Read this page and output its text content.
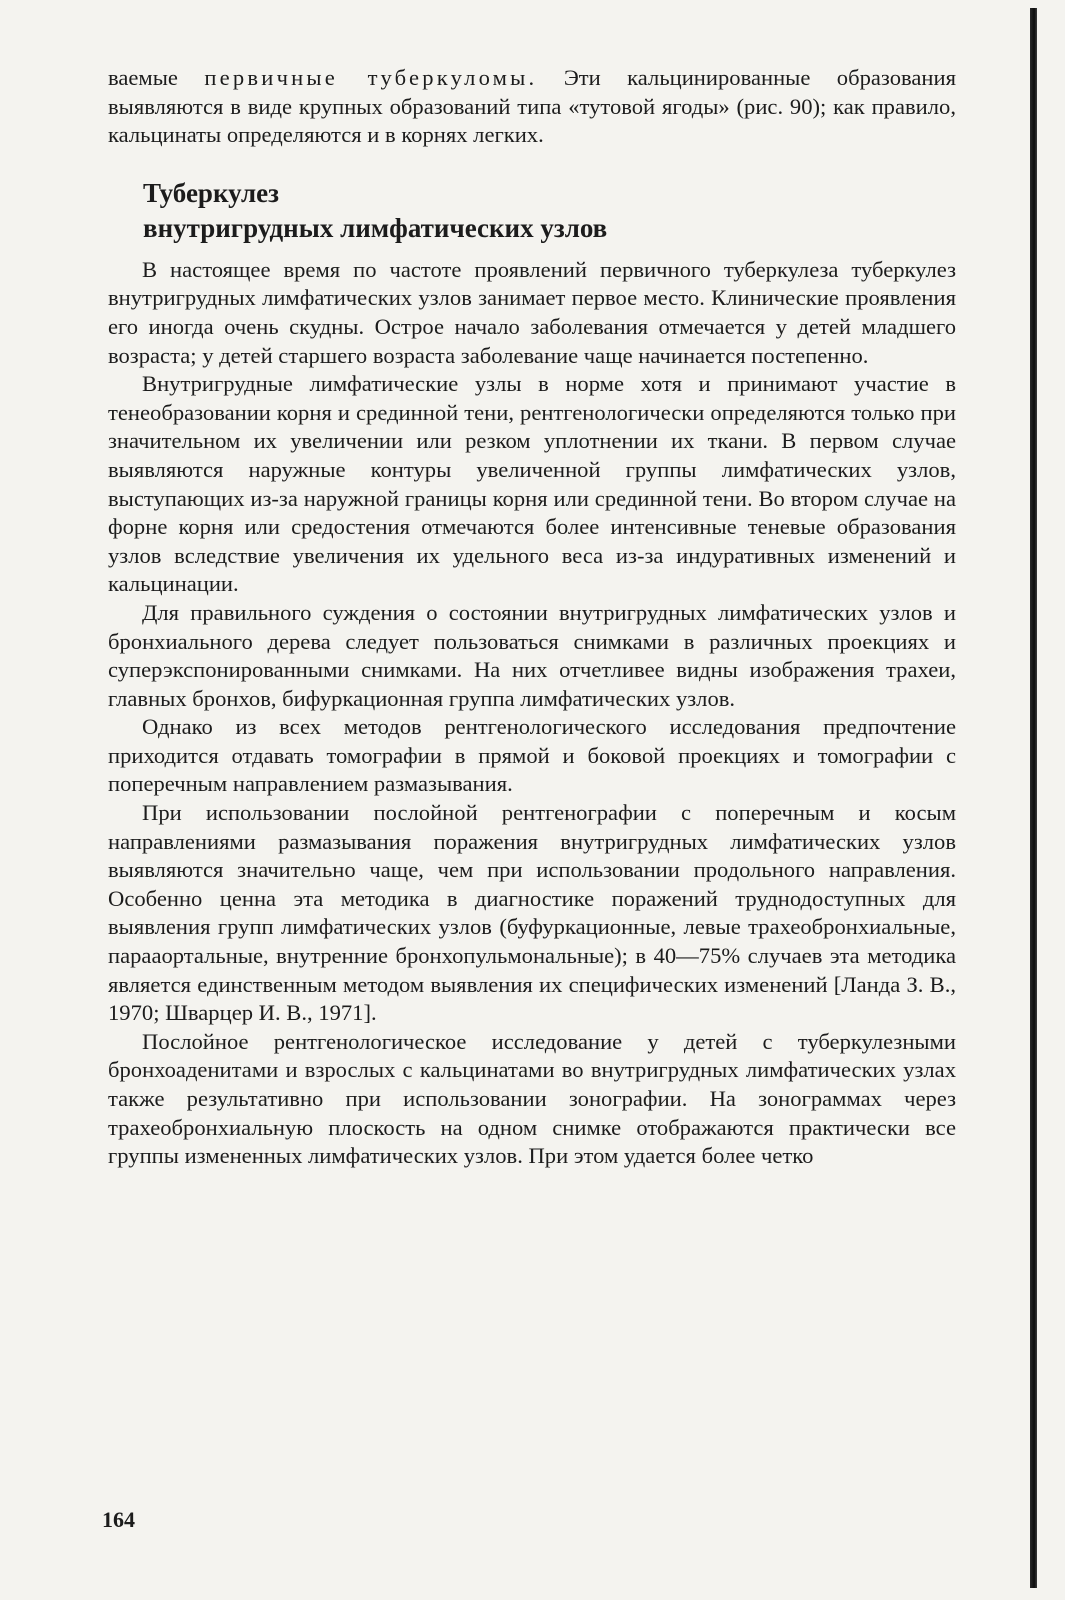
ваемые первичные туберкуломы. Эти кальцинированные образования выявляются в виде крупных образований типа «тутовой ягоды» (рис. 90); как правило, кальцинаты определяются и в корнях легких.

Туберкулез
внутригрудных лимфатических узлов

В настоящее время по частоте проявлений первичного туберкулеза туберкулез внутригрудных лимфатических узлов занимает первое место. Клинические проявления его иногда очень скудны. Острое начало заболевания отмечается у детей младшего возраста; у детей старшего возраста заболевание чаще начинается постепенно.

Внутригрудные лимфатические узлы в норме хотя и принимают участие в тенеобразовании корня и срединной тени, рентгенологически определяются только при значительном их увеличении или резком уплотнении их ткани. В первом случае выявляются наружные контуры увеличенной группы лимфатических узлов, выступающих из-за наружной границы корня или срединной тени. Во втором случае на форне корня или средостения отмечаются более интенсивные теневые образования узлов вследствие увеличения их удельного веса из-за индуративных изменений и кальцинации.

Для правильного суждения о состоянии внутригрудных лимфатических узлов и бронхиального дерева следует пользоваться снимками в различных проекциях и суперэкспонированными снимками. На них отчетливее видны изображения трахеи, главных бронхов, бифуркационная группа лимфатических узлов.

Однако из всех методов рентгенологического исследования предпочтение приходится отдавать томографии в прямой и боковой проекциях и томографии с поперечным направлением размазывания.

При использовании послойной рентгенографии с поперечным и косым направлениями размазывания поражения внутригрудных лимфатических узлов выявляются значительно чаще, чем при использовании продольного направления. Особенно ценна эта методика в диагностике поражений труднодоступных для выявления групп лимфатических узлов (буфуркационные, левые трахеобронхиальные, парааортальные, внутренние бронхопульмональные); в 40—75% случаев эта методика является единственным методом выявления их специфических изменений [Ланда З. В., 1970; Шварцер И. В., 1971].

Послойное рентгенологическое исследование у детей с туберкулезными бронхоаденитами и взрослых с кальцинатами во внутригрудных лимфатических узлах также результативно при использовании зонографии. На зонограммах через трахеобронхиальную плоскость на одном снимке отображаются практически все группы измененных лимфатических узлов. При этом удается более четко

164
